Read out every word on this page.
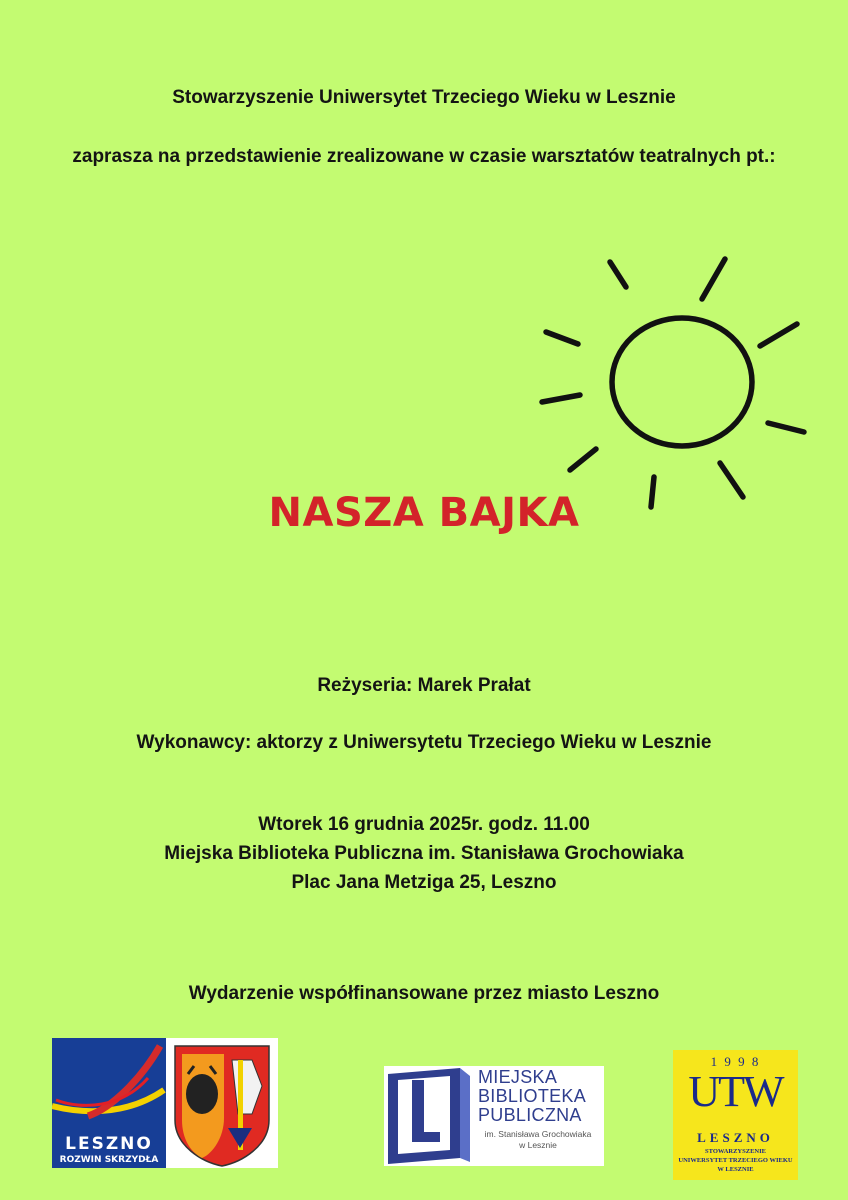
Stowarzyszenie Uniwersytet Trzeciego Wieku w Lesznie
zaprasza na przedstawienie zrealizowane w czasie warsztatów teatralnych pt.:
NASZA BAJKA
Reżyseria: Marek Prałat
Wykonawcy: aktorzy z Uniwersytetu Trzeciego Wieku w Lesznie
Wtorek 16 grudnia 2025r. godz. 11.00
Miejska Biblioteka Publiczna im. Stanisława Grochowiaka
Plac Jana Metziga 25, Leszno
Wydarzenie współfinansowane przez miasto Leszno
LESZNO
ROZWIN SKRZYDŁA
MIEJSKA
BIBLIOTEKA
PUBLICZNA
im. Stanisława Grochowiaka
w Lesznie
1 9 9 8
UTW
LESZNO
STOWARZYSZENIE
UNIWERSYTET TRZECIEGO WIEKU
W LESZNIE
